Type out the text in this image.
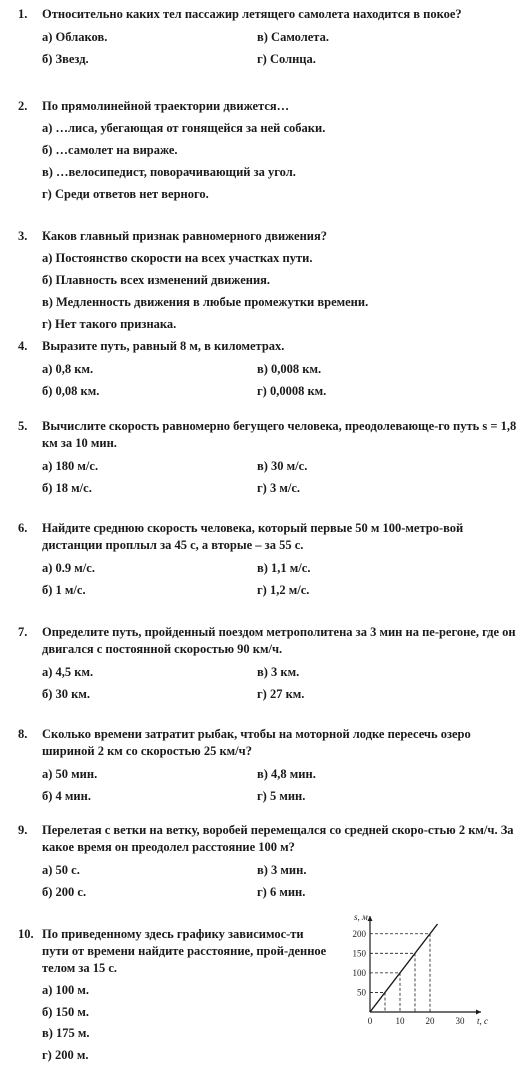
1.	Относительно каких тел пассажир летящего самолета находится в покое?
а) Облаков.	в) Самолета.
б) Звезд.	г) Солнца.
2.	По прямолинейной траектории движется…
а) …лиса, убегающая от гонящейся за ней собаки.
б) …самолет на вираже.
в) …велосипедист, поворачивающий за угол.
г) Среди ответов нет верного.
3.	Каков главный признак равномерного движения?
а) Постоянство скорости на всех участках пути.
б) Плавность всех изменений движения.
в) Медленность движения в любые промежутки времени.
г) Нет такого признака.
4.	Выразите путь, равный 8 м, в километрах.
а) 0,8 км.	в) 0,008 км.
б) 0,08 км.	г) 0,0008 км.
5.	Вычислите скорость равномерно бегущего человека, преодолевающе-го путь s = 1,8 км за 10 мин.
а) 180 м/с.	в) 30 м/с.
б) 18 м/с.	г) 3 м/с.
6.	Найдите среднюю скорость человека, который первые 50 м 100-метро-вой дистанции проплыл за 45 с, а вторые – за 55 с.
а) 0.9 м/с.	в) 1,1 м/с.
б) 1 м/с.	г) 1,2 м/с.
7.	Определите путь, пройденный поездом метрополитена за 3 мин на пе-регоне, где он двигался с постоянной скоростью 90 км/ч.
а) 4,5 км.	в) 3 км.
б) 30 км.	г) 27 км.
8.	Сколько времени затратит рыбак, чтобы на моторной лодке пересечь озеро шириной 2 км со скоростью 25 км/ч?
а) 50 мин.	в) 4,8 мин.
б) 4 мин.	г) 5 мин.
9.	Перелетая с ветки на ветку, воробей перемещался со средней скоро-стью 2 км/ч. За какое время он преодолел расстояние 100 м?
а) 50 с.	в) 3 мин.
б) 200 с.	г) 6 мин.
10. По приведенному здесь графику зависимос-ти пути от времени найдите расстояние, прой-денное телом за 15 с.
а) 100 м.
б) 150 м.
в) 175 м.
г) 200 м.
50
100
150
200
0	10 20 30
s, м
t, c
